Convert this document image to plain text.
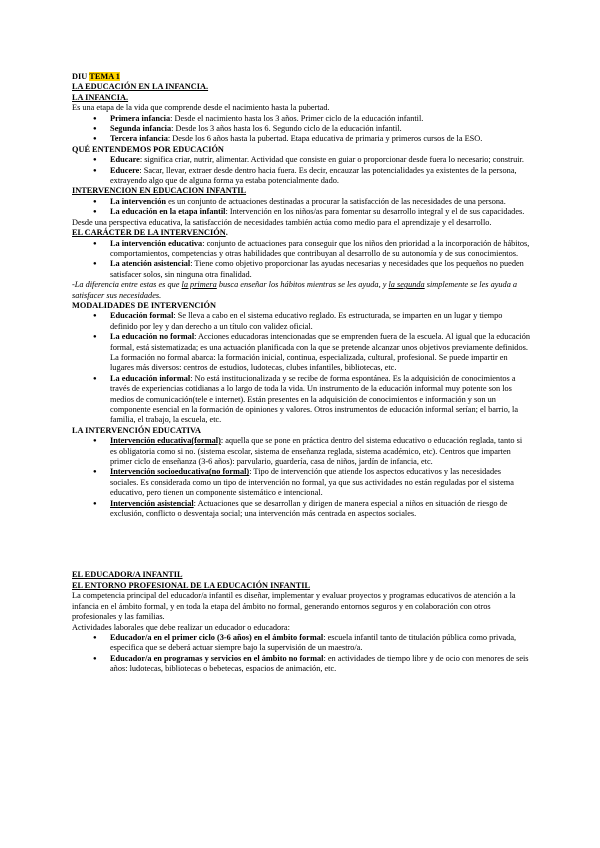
DIU TEMA 1

LA EDUCACIÓN EN LA INFANCIA.

LA INFANCIA.

Es una etapa de la vida que comprende desde el nacimiento hasta la pubertad.

● Primera infancia: Desde el nacimiento hasta los 3 años. Primer ciclo de la educación infantil.
● Segunda infancia: Desde los 3 años hasta los 6. Segundo ciclo de la educación infantil.
● Tercera infancia: Desde los 6 años hasta la pubertad. Etapa educativa de primaria y primeros cursos de la ESO.

QUÉ ENTENDEMOS POR EDUCACIÓN

● Educare: significa criar, nutrir, alimentar. Actividad que consiste en guiar o proporcionar desde fuera lo necesario; construir.
● Educere: Sacar, llevar, extraer desde dentro hacia fuera. Es decir, encauzar las potencialidades ya existentes de la persona, extrayendo algo que de alguna forma ya estaba potencialmente dado.

INTERVENCION EN EDUCACION INFANTIL

● La intervención es un conjunto de actuaciones destinadas a procurar la satisfacción de las necesidades de una persona.
● La educación en la etapa infantil: Intervención en los niños/as para fomentar su desarrollo integral y el de sus capacidades.

Desde una perspectiva educativa, la satisfacción de necesidades también actúa como medio para el aprendizaje y el desarrollo.

EL CARÁCTER DE LA INTERVENCIÓN.

● La intervención educativa: conjunto de actuaciones para conseguir que los niños den prioridad a la incorporación de hábitos, comportamientos, competencias y otras habilidades que contribuyan al desarrollo de su autonomía y de sus conocimientos.
● La atención asistencial: Tiene como objetivo proporcionar las ayudas necesarias y necesidades que los pequeños no pueden satisfacer solos, sin ninguna otra finalidad.

-La diferencia entre estas es que la primera busca enseñar los hábitos mientras se les ayuda, y la segunda simplemente se les ayuda a satisfacer sus necesidades.

MODALIDADES DE INTERVENCIÓN

● Educación formal: Se lleva a cabo en el sistema educativo reglado. Es estructurada, se imparten en un lugar y tiempo definido por ley y dan derecho a un título con validez oficial.
● La educación no formal: Acciones educadoras intencionadas que se emprenden fuera de la escuela. Al igual que la educación formal, está sistematizada; es una actuación planificada con la que se pretende alcanzar unos objetivos previamente definidos. La formación no formal abarca: la formación inicial, continua, especializada, cultural, profesional. Se puede impartir en lugares más diversos: centros de estudios, ludotecas, clubes infantiles, bibliotecas, etc.
● La educación informal: No está institucionalizada y se recibe de forma espontánea. Es la adquisición de conocimientos a través de experiencias cotidianas a lo largo de toda la vida. Un instrumento de la educación informal muy potente son los medios de comunicación(tele e internet). Están presentes en la adquisición de conocimientos e información y son un componente esencial en la formación de opiniones y valores. Otros instrumentos de educación informal serían; el barrio, la familia, el trabajo, la escuela, etc.

LA INTERVENCIÓN EDUCATIVA

● Intervención educativa(formal): aquella que se pone en práctica dentro del sistema educativo o educación reglada, tanto si es obligatoria como si no. (sistema escolar, sistema de enseñanza reglada, sistema académico, etc). Centros que imparten primer ciclo de enseñanza (3-6 años): parvulario, guardería, casa de niños, jardín de infancia, etc.
● Intervención socioeducativa(no formal): Tipo de intervención que atiende los aspectos educativos y las necesidades sociales. Es considerada como un tipo de intervención no formal, ya que sus actividades no están reguladas por el sistema educativo, pero tienen un componente sistemático e intencional.
● Intervención asistencial: Actuaciones que se desarrollan y dirigen de manera especial a niños en situación de riesgo de exclusión, conflicto o desventaja social; una intervención más centrada en aspectos sociales.

EL EDUCADOR/A INFANTIL

EL ENTORNO PROFESIONAL DE LA EDUCACIÓN INFANTIL

La competencia principal del educador/a infantil es diseñar, implementar y evaluar proyectos y programas educativos de atención a la infancia en el ámbito formal, y en toda la etapa del ámbito no formal, generando entornos seguros y en colaboración con otros profesionales y las familias.

Actividades laborales que debe realizar un educador o educadora:

● Educador/a en el primer ciclo (3-6 años) en el ámbito formal: escuela infantil tanto de titulación pública como privada, especifica que se deberá actuar siempre bajo la supervisión de un maestro/a.
● Educador/a en programas y servicios en el ámbito no formal: en actividades de tiempo libre y de ocio con menores de seis años: ludotecas, bibliotecas o bebetecas, espacios de animación, etc.
